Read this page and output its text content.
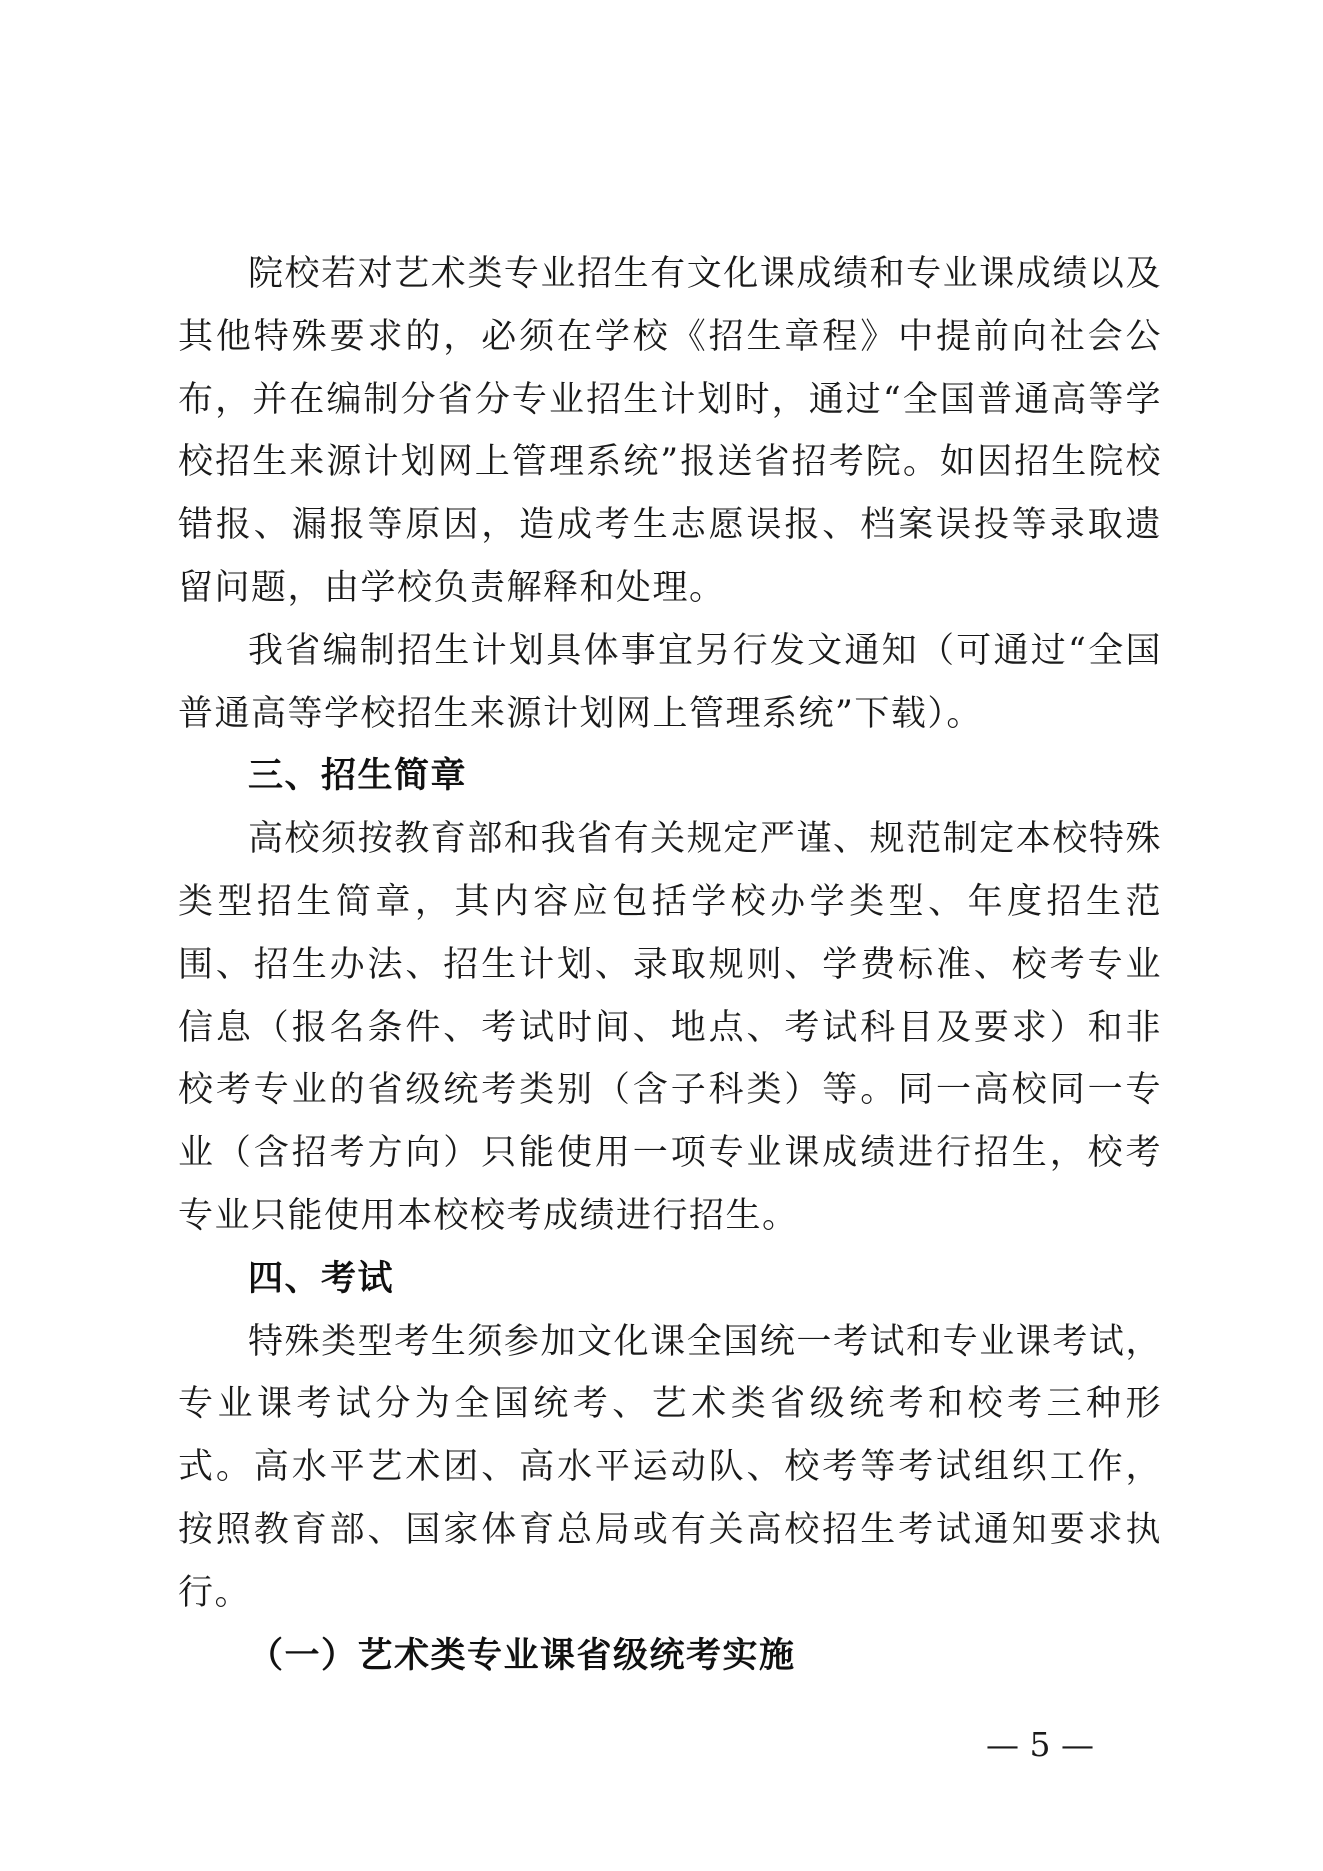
院校若对艺术类专业招生有文化课成绩和专业课成绩以及其他特殊要求的，必须在学校《招生章程》中提前向社会公布，并在编制分省分专业招生计划时，通过“全国普通高等学校招生来源计划网上管理系统”报送省招考院。如因招生院校错报、漏报等原因，造成考生志愿误报、档案误投等录取遗留问题，由学校负责解释和处理。

我省编制招生计划具体事宜另行发文通知（可通过“全国普通高等学校招生来源计划网上管理系统”下载）。

三、招生简章

高校须按教育部和我省有关规定严谨、规范制定本校特殊类型招生简章，其内容应包括学校办学类型、年度招生范围、招生办法、招生计划、录取规则、学费标准、校考专业信息（报名条件、考试时间、地点、考试科目及要求）和非校考专业的省级统考类别（含子科类）等。同一高校同一专业（含招考方向）只能使用一项专业课成绩进行招生，校考专业只能使用本校校考成绩进行招生。

四、考试

特殊类型考生须参加文化课全国统一考试和专业课考试，专业课考试分为全国统考、艺术类省级统考和校考三种形式。高水平艺术团、高水平运动队、校考等考试组织工作，按照教育部、国家体育总局或有关高校招生考试通知要求执行。

（一）艺术类专业课省级统考实施
— 5 —
